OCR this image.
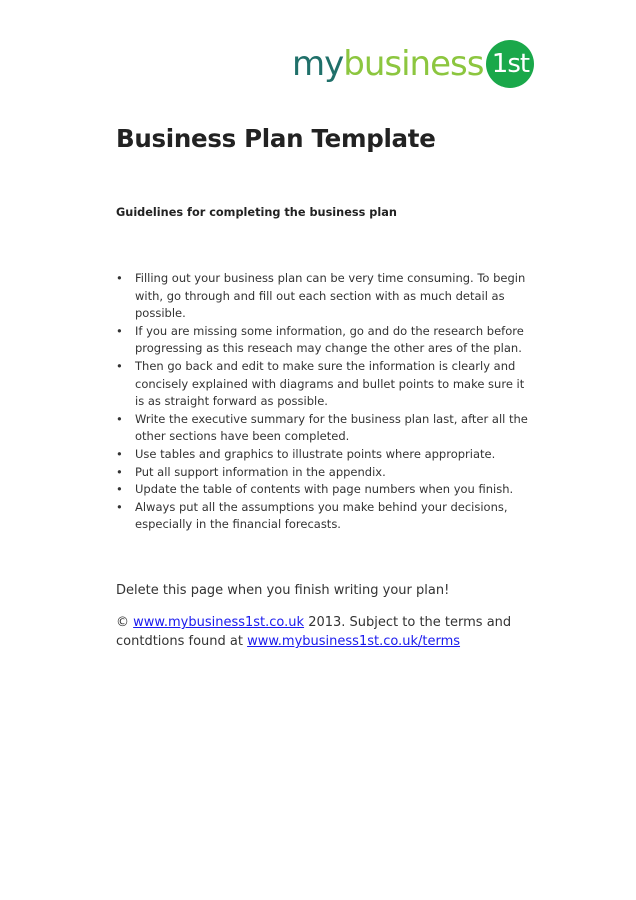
my business 1st
Business Plan Template

Guidelines for completing the business plan

• Filling out your business plan can be very time consuming. To begin with, go through and fill out each section with as much detail as possible.
• If you are missing some information, go and do the research before progressing as this reseach may change the other ares of the plan.
• Then go back and edit to make sure the information is clearly and concisely explained with diagrams and bullet points to make sure it is as straight forward as possible.
• Write the executive summary for the business plan last, after all the other sections have been completed.
• Use tables and graphics to illustrate points where appropriate.
• Put all support information in the appendix.
• Update the table of contents with page numbers when you finish.
• Always put all the assumptions you make behind your decisions, especially in the financial forecasts.

Delete this page when you finish writing your plan!

© www.mybusiness1st.co.uk 2013. Subject to the terms and contdtions found at www.mybusiness1st.co.uk/terms
